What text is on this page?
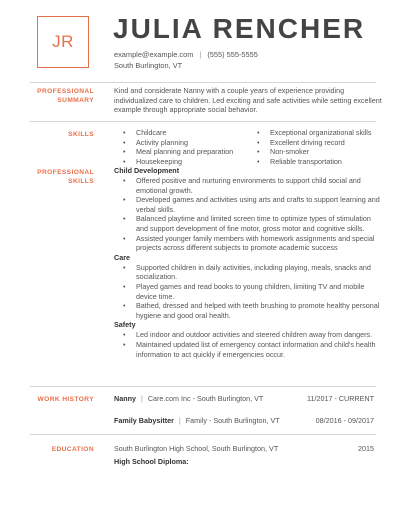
JR JULIA RENCHER
example@example.com | (555) 555-5555
South Burlington, VT
PROFESSIONAL
SUMMARY
Kind and considerate Nanny with a couple years of experience providing individualized care to children. Led exciting and safe activities while setting excellent example through appropriate social behavior.
SKILLS
•	Childcare
• Activity planning
• Meal planning and preparation
• Housekeeping
• Exceptional organizational skills
• Excellent driving record
• Non-smoker
• Reliable transportation
PROFESSIONAL
SKILLS
Child Development
• Offered positive and nurturing environments to support child social and emotional growth.
• Developed games and activities using arts and crafts to support learning and verbal skills.
• Balanced playtime and limited screen time to optimize types of stimulation and support development of fine motor, gross motor and cognitive skills.
• Assisted younger family members with homework assignments and special projects across different subjects to promote academic success
Care
• Supported children in daily activities, including playing, meals, snacks and socialization.
• Played games and read books to young children, limiting TV and mobile device time.
• Bathed, dressed and helped with teeth brushing to promote healthy personal hygiene and good oral health.
Safety
• Led indoor and outdoor activities and steered children away from dangers.
• Maintained updated list of emergency contact information and child's health information to act quickly if emergencies occur.
WORK HISTORY	Nanny | Care.com Inc - South Burlington, VT	11/2017 - CURRENT
Family Babysitter | Family - South Burlington, VT	08/2016 - 09/2017
EDUCATION	South Burlington High School, South Burlington, VT	2015
High School Diploma:
